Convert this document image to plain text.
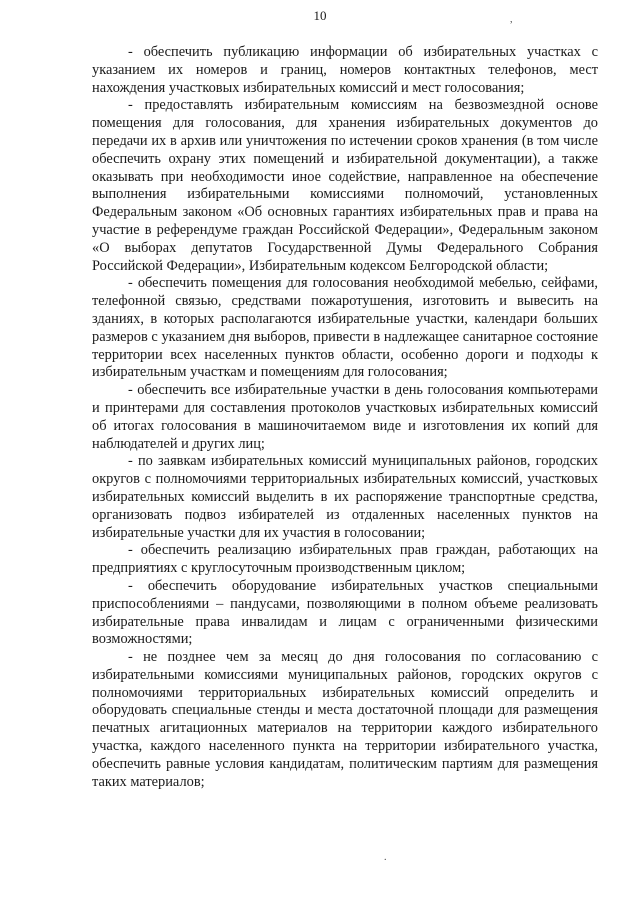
10	,

- обеспечить публикацию информации об избирательных участках с указанием их номеров и границ, номеров контактных телефонов, мест нахождения участковых избирательных комиссий и мест голосования;

- предоставлять избирательным комиссиям на безвозмездной основе помещения для голосования, для хранения избирательных документов до передачи их в архив или уничтожения по истечении сроков хранения (в том числе обеспечить охрану этих помещений и избирательной документации), а также оказывать при необходимости иное содействие, направленное на обеспечение выполнения избирательными комиссиями полномочий, установленных Федеральным законом «Об основных гарантиях избирательных прав и права на участие в референдуме граждан Российской Федерации», Федеральным законом «О выборах депутатов Государственной Думы Федерального Собрания Российской Федерации», Избирательным кодексом Белгородской области;

- обеспечить помещения для голосования необходимой мебелью, сейфами, телефонной связью, средствами пожаротушения, изготовить и вывесить на зданиях, в которых располагаются избирательные участки, календари больших размеров с указанием дня выборов, привести в надлежащее санитарное состояние территории всех населенных пунктов области, особенно дороги и подходы к избирательным участкам и помещениям для голосования;

- обеспечить все избирательные участки в день голосования компьютерами и принтерами для составления протоколов участковых избирательных комиссий об итогах голосования в машиночитаемом виде и изготовления их копий для наблюдателей и других лиц;

- по заявкам избирательных комиссий муниципальных районов, городских округов с полномочиями территориальных избирательных комиссий, участковых избирательных комиссий выделить в их распоряжение транспортные средства, организовать подвоз избирателей из отдаленных населенных пунктов на избирательные участки для их участия в голосовании;

- обеспечить реализацию избирательных прав граждан, работающих на предприятиях с круглосуточным производственным циклом;

- обеспечить оборудование избирательных участков специальными приспособлениями – пандусами, позволяющими в полном объеме реализовать избирательные права инвалидам и лицам с ограниченными физическими возможностями;

- не позднее чем за месяц до дня голосования по согласованию с избирательными комиссиями муниципальных районов, городских округов с полномочиями территориальных избирательных комиссий определить и оборудовать специальные стенды и места достаточной площади для размещения печатных агитационных материалов на территории каждого избирательного участка, каждого населенного пункта на территории избирательного участка, обеспечить равные условия кандидатам, политическим партиям для размещения таких материалов;

.
